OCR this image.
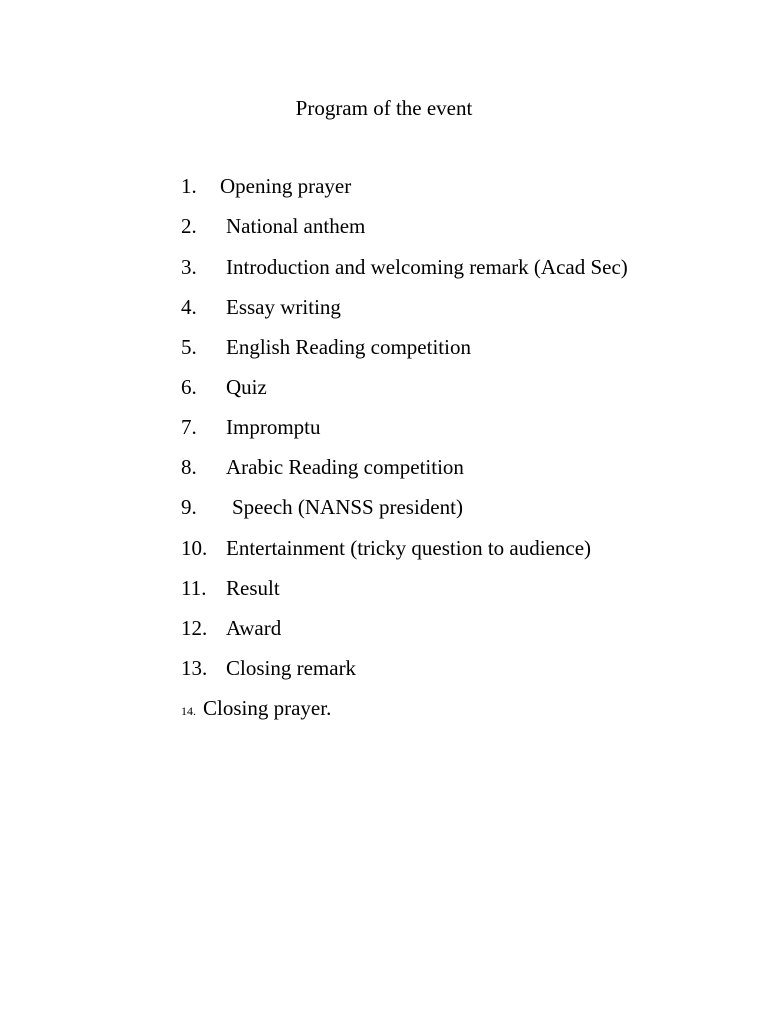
Program of the event
1. Opening prayer
2. National anthem
3. Introduction and welcoming remark (Acad Sec)
4. Essay writing
5. English Reading competition
6. Quiz
7. Impromptu
8. Arabic Reading competition
9. Speech (NANSS president)
10. Entertainment (tricky question to audience)
11. Result
12. Award
13. Closing remark
14. Closing prayer.
